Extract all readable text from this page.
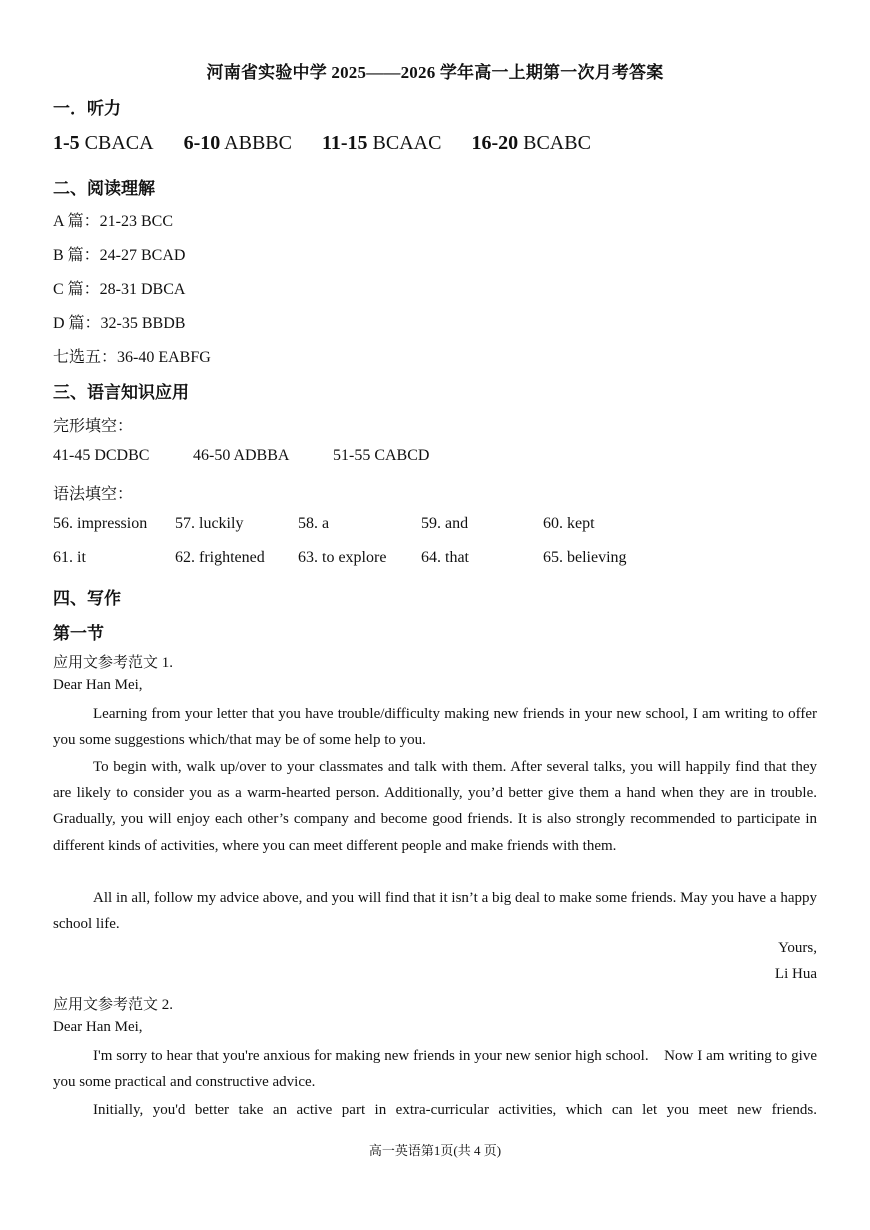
河南省实验中学 2025——2026 学年高一上期第一次月考答案
一．听力
1-5 CBACA 6-10 ABBBC 11-15 BCAAC 16-20 BCABC
二、阅读理解
A 篇：21-23 BCC
B 篇：24-27 BCAD
C 篇：28-31 DBCA
D 篇：32-35 BBDB
七选五：36-40 EABFG
三、语言知识应用
完形填空：
41-45 DCDBC	46-50 ADBBA	51-55 CABCD
语法填空：
56. impression 57. luckily	58. a	59. and	60. kept
61. it	62. frightened 63. to explore 64. that	65. believing
四、写作
第一节
应用文参考范文 1.
Dear Han Mei,
Learning from your letter that you have trouble/difficulty making new friends in your new school, I am writing to offer you some suggestions which/that may be of some help to you.
To begin with, walk up/over to your classmates and talk with them. After several talks, you will happily find that they are likely to consider you as a warm-hearted person. Additionally, you’d better give them a hand when they are in trouble. Gradually, you will enjoy each other’s company and become good friends. It is also strongly recommended to participate in different kinds of activities, where you can meet different people and make friends with them.
All in all, follow my advice above, and you will find that it isn’t a big deal to make some friends. May you have a happy school life.
Yours,
Li Hua
应用文参考范文 2.
Dear Han Mei,
I'm sorry to hear that you're anxious for making new friends in your new senior high school.    Now I am writing to give you some practical and constructive advice.
Initially, you'd better take an active part in extra-curricular activities, which can let you meet new friends.
高一英语第1页(共 4 页)
